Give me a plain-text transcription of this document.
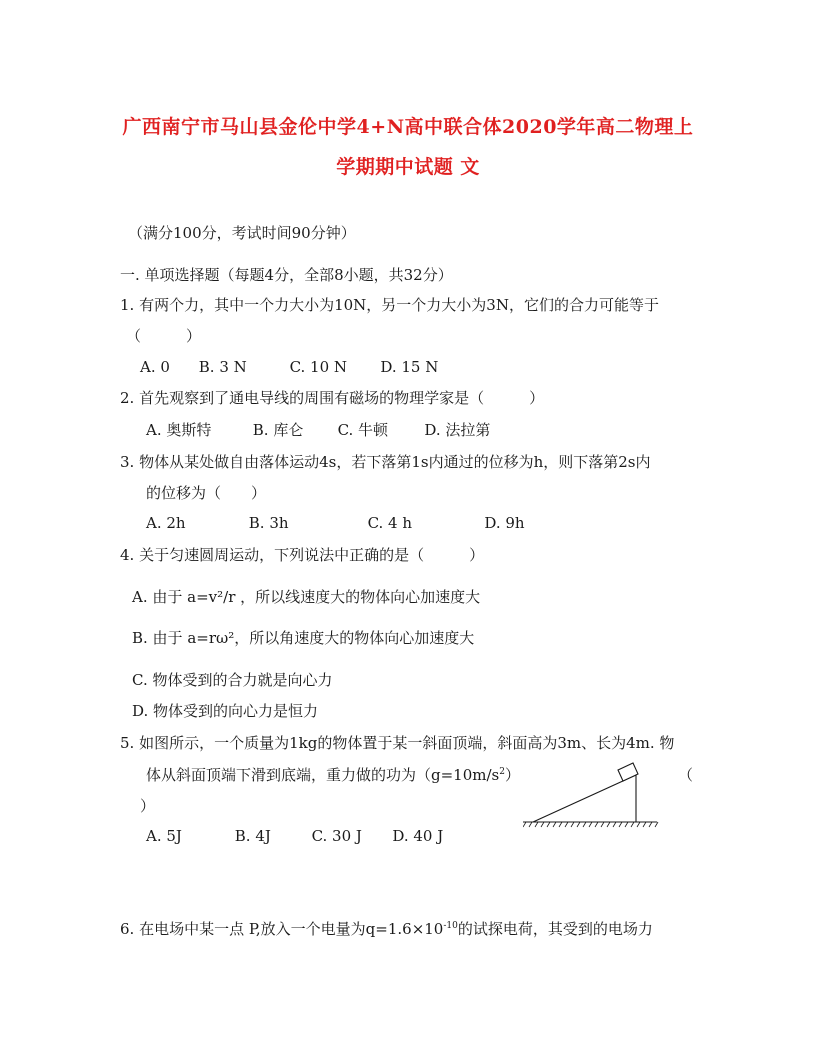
广西南宁市马山县金伦中学4+N高中联合体2020学年高二物理上
学期期中试题 文

（满分100分，考试时间90分钟）

一. 单项选择题（每题4分，全部8小题，共32分）

1. 有两个力，其中一个力大小为10N，另一个力大小为3N，它们的合力可能等于

（　　　）

A. 0 B. 3 N	C. 10 N D. 15 N

2. 首先观察到了通电导线的周围有磁场的物理学家是（　　　）

A. 奥斯特	B. 库仑 C. 牛顿 D. 法拉第

3. 物体从某处做自由落体运动4s，若下落第1s内通过的位移为h，则下落第2s内

的位移为（　　）

A. 2h	B. 3h	C. 4 h	D. 9h

4. 关于匀速圆周运动，下列说法中正确的是（　　　）

A. 由于 a=v²/r ，所以线速度大的物体向心加速度大

B. 由于 a=rω²，所以角速度大的物体向心加速度大

C. 物体受到的合力就是向心力

D. 物体受到的向心力是恒力

5. 如图所示，一个质量为1kg的物体置于某一斜面顶端，斜面高为3m、长为4m. 物

体从斜面顶端下滑到底端，重力做的功为$(g=10m/s^2)$	（

）

A. 5J	B. 4J	C. 30 J D. 40 J

6. 在电场中某一点 P,放入一个电量为$q=1.6\times 10^{-10}$的试探电荷，其受到的电场力
